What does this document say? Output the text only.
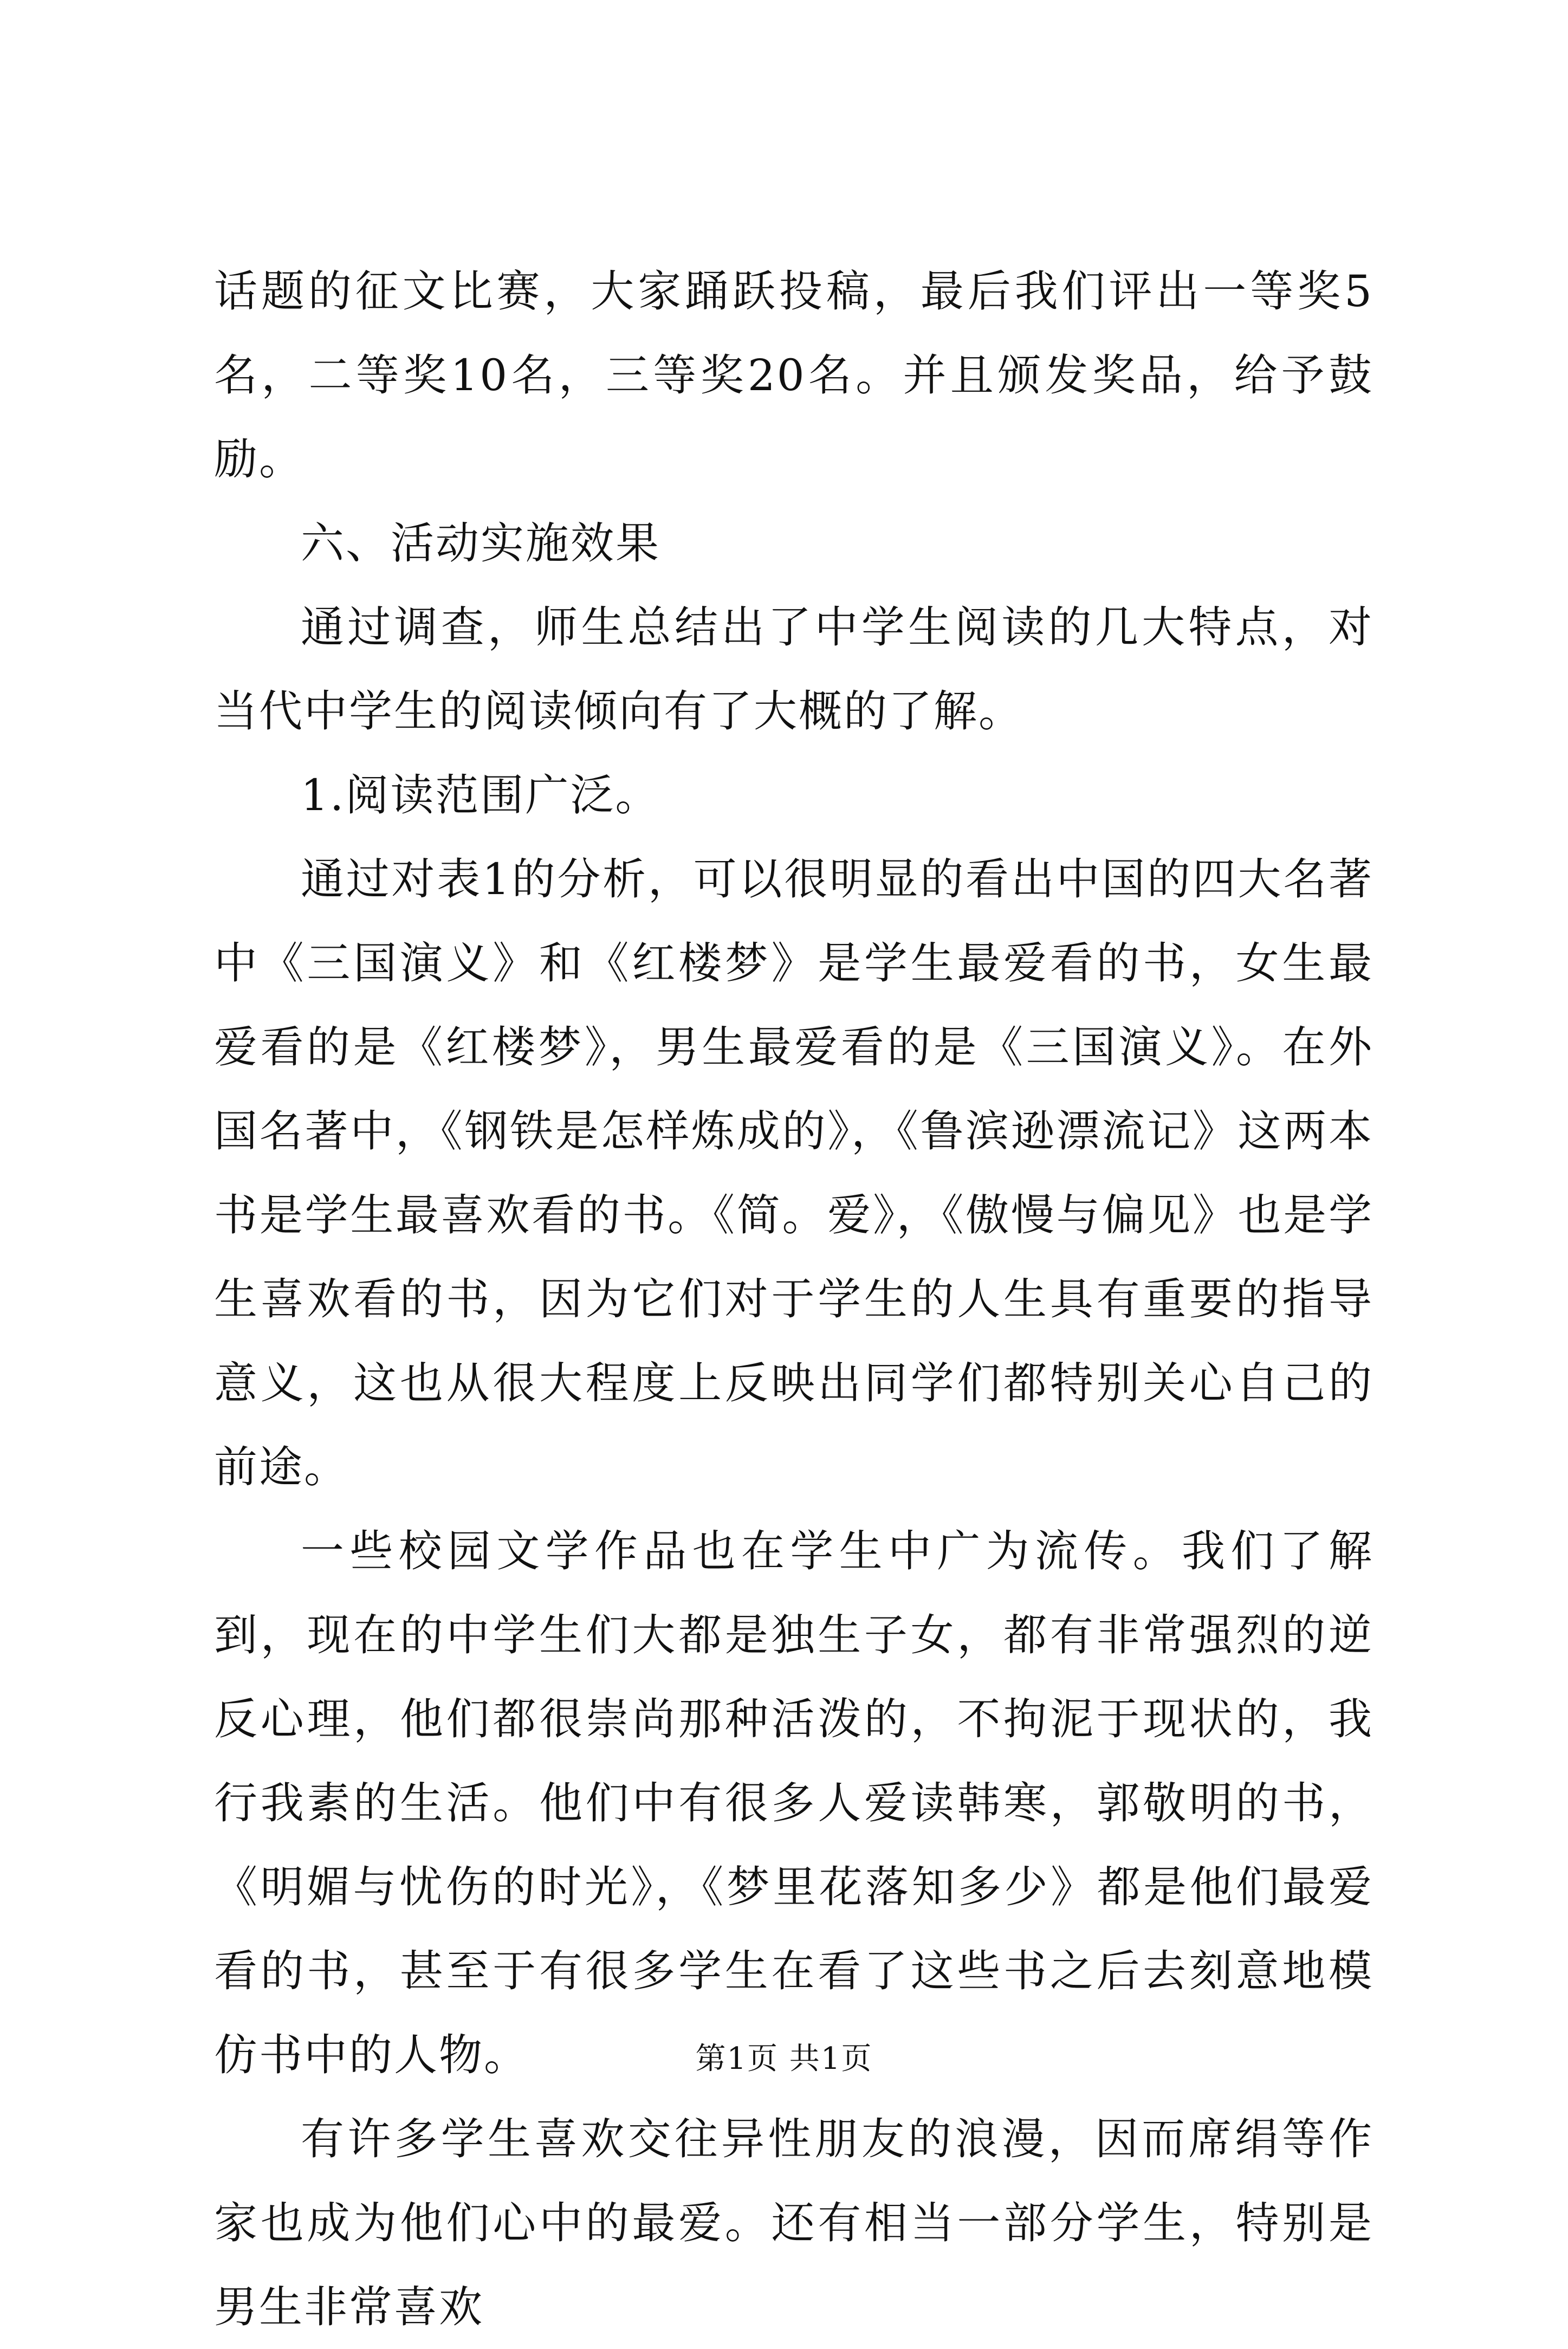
话题的征文比赛，大家踊跃投稿，最后我们评出一等奖5名，二等奖10名，三等奖20名。并且颁发奖品，给予鼓励。

六、活动实施效果

通过调查，师生总结出了中学生阅读的几大特点，对当代中学生的阅读倾向有了大概的了解。

1.阅读范围广泛。

通过对表1的分析，可以很明显的看出中国的四大名著中《三国演义》和《红楼梦》是学生最爱看的书，女生最爱看的是《红楼梦》，男生最爱看的是《三国演义》。在外国名著中，《钢铁是怎样炼成的》，《鲁滨逊漂流记》这两本书是学生最喜欢看的书。《简。爱》，《傲慢与偏见》也是学生喜欢看的书，因为它们对于学生的人生具有重要的指导意义，这也从很大程度上反映出同学们都特别关心自己的前途。

一些校园文学作品也在学生中广为流传。我们了解到，现在的中学生们大都是独生子女，都有非常强烈的逆反心理，他们都很崇尚那种活泼的，不拘泥于现状的，我行我素的生活。他们中有很多人爱读韩寒，郭敬明的书，《明媚与忧伤的时光》，《梦里花落知多少》都是他们最爱看的书，甚至于有很多学生在看了这些书之后去刻意地模仿书中的人物。

有许多学生喜欢交往异性朋友的浪漫，因而席绢等作家也成为他们心中的最爱。还有相当一部分学生，特别是男生非常喜欢

第1页 共1页
